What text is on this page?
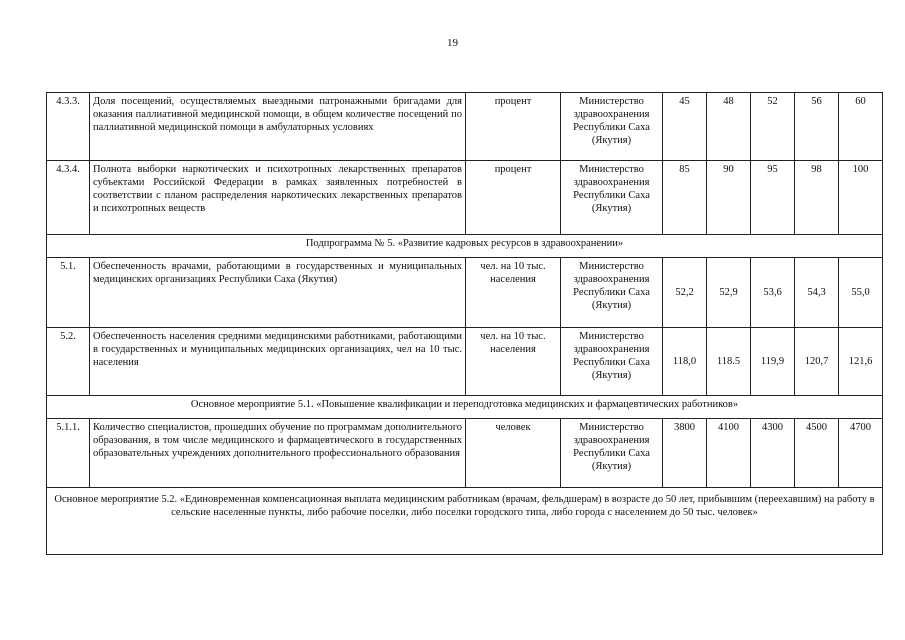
19
4.3.3.	Доля посещений, осуществляемых выездными патронажными бригадами для оказания паллиативной медицинской помощи, в общем количестве посещений по паллиативной медицинской помощи в амбулаторных условиях	процент	Министерство здравоохранения Республики Саха (Якутия)	45	48	52	56	60
4.3.4.	Полнота выборки наркотических и психотропных лекарственных препаратов субъектами Российской Федерации в рамках заявленных потребностей в соответствии с планом распределения наркотических лекарственных препаратов и психотропных веществ	процент	Министерство здравоохранения Республики Саха (Якутия)	85	90	95	98	100
Подпрограмма № 5. «Развитие кадровых ресурсов в здравоохранении»								
5.1.	Обеспеченность врачами, работающими в государственных и муниципальных медицинских организациях Республики Саха (Якутия)	чел. на 10 тыс. населения	Министерство здравоохранения Республики Саха (Якутия)	52,2	52,9	53,6	54,3	55,0
5.2.	Обеспеченность населения средними медицинскими работниками, работающими в государственных и муниципальных медицинских организациях, чел на 10 тыс. населения	чел. на 10 тыс. населения	Министерство здравоохранения Республики Саха (Якутия)	118,0	118.5	119,9	120,7	121,6
Основное мероприятие 5.1. «Повышение квалификации и переподготовка медицинских и фармацевтических работников»								
5.1.1.	Количество специалистов, прошедших обучение по программам дополнительного образования, в том числе медицинского и фармацевтического в государственных образовательных учреждениях дополнительного профессионального образования	человек	Министерство здравоохранения Республики Саха (Якутия)	3800	4100	4300	4500	4700
Основное мероприятие 5.2. «Единовременная компенсационная выплата медицинским работникам (врачам, фельдшерам) в возрасте до 50 лет, прибывшим (переехавшим) на работу в сельские населенные пункты, либо рабочие поселки, либо поселки городского типа, либо города с населением до 50 тыс. человек»								
